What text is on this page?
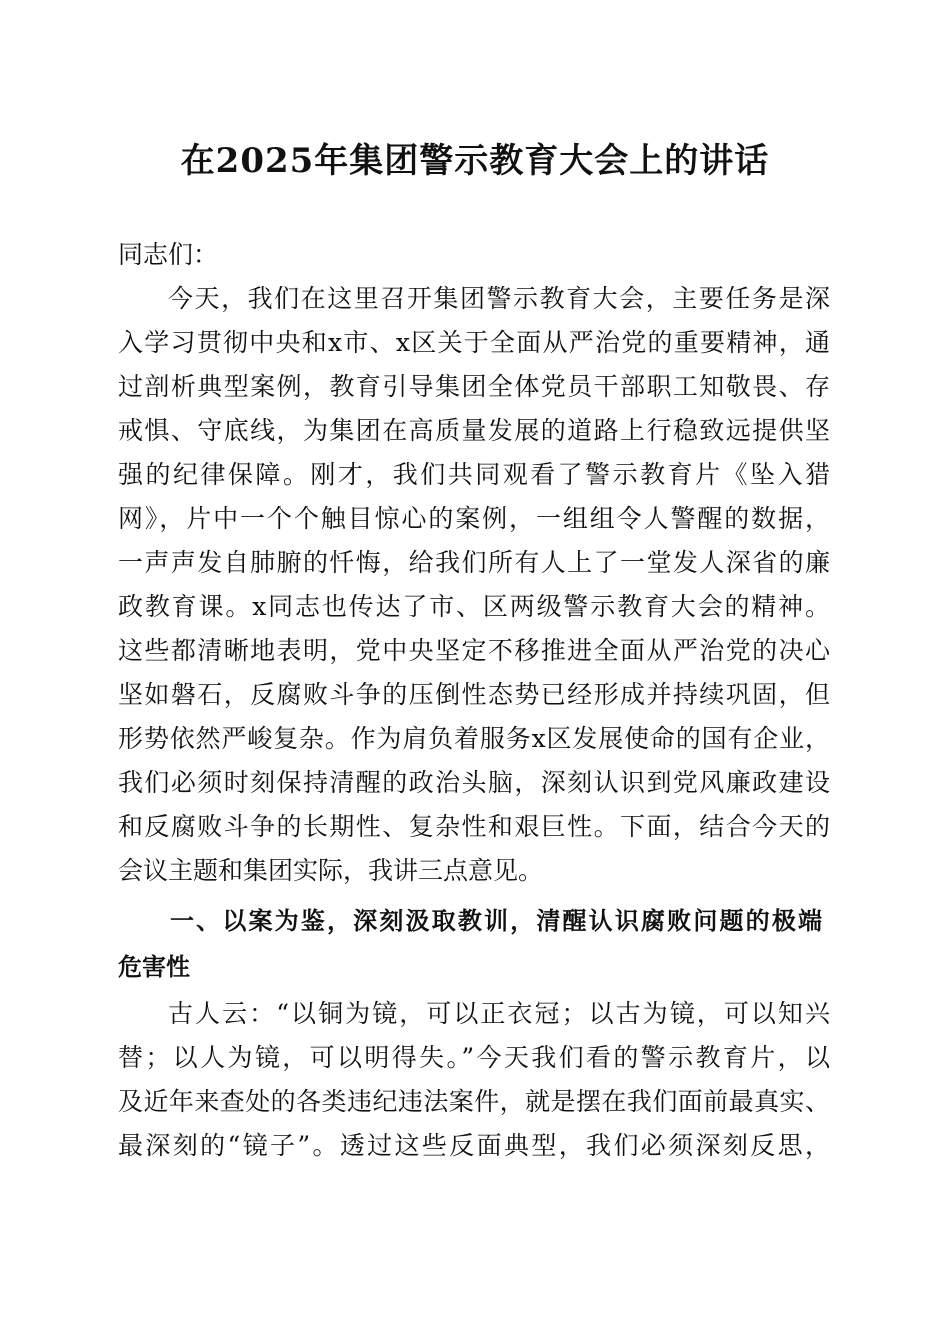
在2025年集团警示教育大会上的讲话

同志们：

今天，我们在这里召开集团警示教育大会，主要任务是深

入学习贯彻中央和x市、x区关于全面从严治党的重要精神，通

过剖析典型案例，教育引导集团全体党员干部职工知敬畏、存

戒惧、守底线，为集团在高质量发展的道路上行稳致远提供坚

强的纪律保障。刚才，我们共同观看了警示教育片《坠入猎

网》，片中一个个触目惊心的案例，一组组令人警醒的数据，

一声声发自肺腑的忏悔，给我们所有人上了一堂发人深省的廉

政教育课。x同志也传达了市、区两级警示教育大会的精神。

这些都清晰地表明，党中央坚定不移推进全面从严治党的决心

坚如磐石，反腐败斗争的压倒性态势已经形成并持续巩固，但

形势依然严峻复杂。作为肩负着服务x区发展使命的国有企业，

我们必须时刻保持清醒的政治头脑，深刻认识到党风廉政建设

和反腐败斗争的长期性、复杂性和艰巨性。下面，结合今天的

会议主题和集团实际，我讲三点意见。

一、以案为鉴，深刻汲取教训，清醒认识腐败问题的极端
危害性

古人云：“以铜为镜，可以正衣冠；以古为镜，可以知兴

替；以人为镜，可以明得失。”今天我们看的警示教育片，以

及近年来查处的各类违纪违法案件，就是摆在我们面前最真实、

最深刻的“镜子”。透过这些反面典型，我们必须深刻反思，
